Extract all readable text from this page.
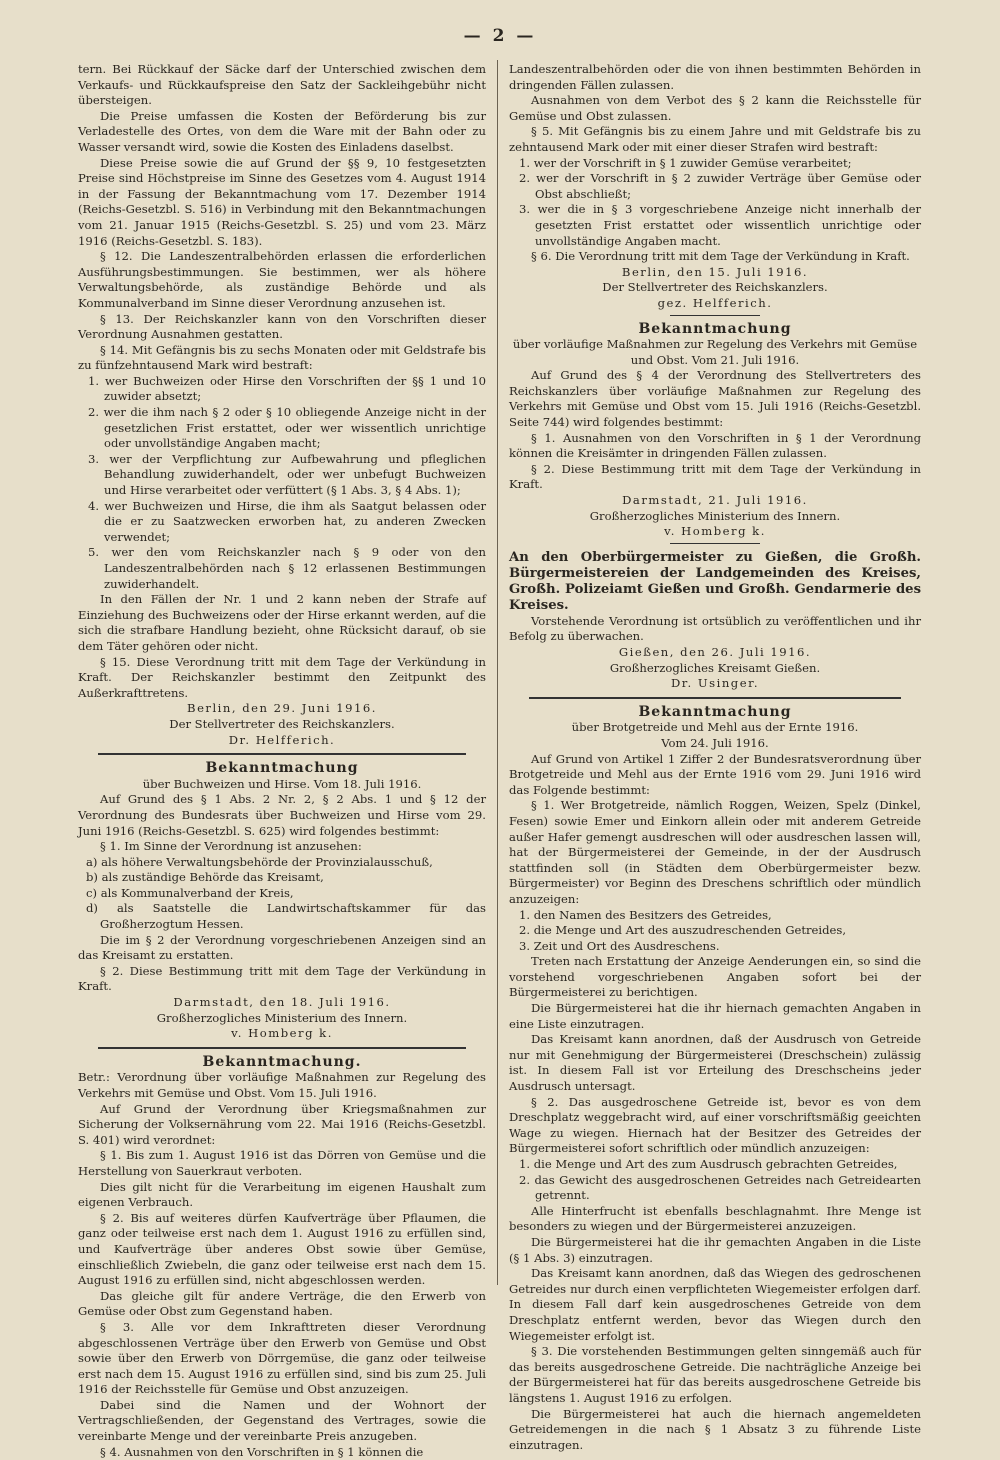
— 2 —

tern. Bei Rückkauf der Säcke darf der Unterschied zwischen dem Verkaufs- und Rückkaufspreise den Satz der Sackleihgebühr nicht übersteigen.

Die Preise umfassen die Kosten der Beförderung bis zur Verladestelle des Ortes, von dem die Ware mit der Bahn oder zu Wasser versandt wird, sowie die Kosten des Einladens daselbst.

Diese Preise sowie die auf Grund der §§ 9, 10 festgesetzten Preise sind Höchstpreise im Sinne des Gesetzes vom 4. August 1914 in der Fassung der Bekanntmachung vom 17. Dezember 1914 (Reichs-Gesetzbl. S. 516) in Verbindung mit den Bekanntmachungen vom 21. Januar 1915 (Reichs-Gesetzbl. S. 25) und vom 23. März 1916 (Reichs-Gesetzbl. S. 183).

§ 12. Die Landeszentralbehörden erlassen die erforderlichen Ausführungsbestimmungen. Sie bestimmen, wer als höhere Verwaltungsbehörde, als zuständige Behörde und als Kommunalverband im Sinne dieser Verordnung anzusehen ist.

§ 13. Der Reichskanzler kann von den Vorschriften dieser Verordnung Ausnahmen gestatten.

§ 14. Mit Gefängnis bis zu sechs Monaten oder mit Geldstrafe bis zu fünfzehntausend Mark wird bestraft:

1. wer Buchweizen oder Hirse den Vorschriften der §§ 1 und 10 zuwider absetzt;

2. wer die ihm nach § 2 oder § 10 obliegende Anzeige nicht in der gesetzlichen Frist erstattet, oder wer wissentlich unrichtige oder unvollständige Angaben macht;

3. wer der Verpflichtung zur Aufbewahrung und pfleglichen Behandlung zuwiderhandelt, oder wer unbefugt Buchweizen und Hirse verarbeitet oder verfüttert (§ 1 Abs. 3, § 4 Abs. 1);

4. wer Buchweizen und Hirse, die ihm als Saatgut belassen oder die er zu Saatzwecken erworben hat, zu anderen Zwecken verwendet;

5. wer den vom Reichskanzler nach § 9 oder von den Landeszentralbehörden nach § 12 erlassenen Bestimmungen zuwiderhandelt.

In den Fällen der Nr. 1 und 2 kann neben der Strafe auf Einziehung des Buchweizens oder der Hirse erkannt werden, auf die sich die strafbare Handlung bezieht, ohne Rücksicht darauf, ob sie dem Täter gehören oder nicht.

§ 15. Diese Verordnung tritt mit dem Tage der Verkündung in Kraft. Der Reichskanzler bestimmt den Zeitpunkt des Außerkrafttretens.

Berlin, den 29. Juni 1916.

Der Stellvertreter des Reichskanzlers.

Dr. Helfferich.

Bekanntmachung

über Buchweizen und Hirse. Vom 18. Juli 1916.

Auf Grund des § 1 Abs. 2 Nr. 2, § 2 Abs. 1 und § 12 der Verordnung des Bundesrats über Buchweizen und Hirse vom 29. Juni 1916 (Reichs-Gesetzbl. S. 625) wird folgendes bestimmt:

§ 1. Im Sinne der Verordnung ist anzusehen:

a) als höhere Verwaltungsbehörde der Provinzialausschuß,

b) als zuständige Behörde das Kreisamt,

c) als Kommunalverband der Kreis,

d) als Saatstelle die Landwirtschaftskammer für das Großherzogtum Hessen.

Die im § 2 der Verordnung vorgeschriebenen Anzeigen sind an das Kreisamt zu erstatten.

§ 2. Diese Bestimmung tritt mit dem Tage der Verkündung in Kraft.

Darmstadt, den 18. Juli 1916.

Großherzogliches Ministerium des Innern.

v. Homberg k.

Bekanntmachung.

Betr.: Verordnung über vorläufige Maßnahmen zur Regelung des Verkehrs mit Gemüse und Obst. Vom 15. Juli 1916.

Auf Grund der Verordnung über Kriegsmaßnahmen zur Sicherung der Volksernährung vom 22. Mai 1916 (Reichs-Gesetzbl. S. 401) wird verordnet:

§ 1. Bis zum 1. August 1916 ist das Dörren von Gemüse und die Herstellung von Sauerkraut verboten.

Dies gilt nicht für die Verarbeitung im eigenen Haushalt zum eigenen Verbrauch.

§ 2. Bis auf weiteres dürfen Kaufverträge über Pflaumen, die ganz oder teilweise erst nach dem 1. August 1916 zu erfüllen sind, und Kaufverträge über anderes Obst sowie über Gemüse, einschließlich Zwiebeln, die ganz oder teilweise erst nach dem 15. August 1916 zu erfüllen sind, nicht abgeschlossen werden.

Das gleiche gilt für andere Verträge, die den Erwerb von Gemüse oder Obst zum Gegenstand haben.

§ 3. Alle vor dem Inkrafttreten dieser Verordnung abgeschlossenen Verträge über den Erwerb von Gemüse und Obst sowie über den Erwerb von Dörrgemüse, die ganz oder teilweise erst nach dem 15. August 1916 zu erfüllen sind, sind bis zum 25. Juli 1916 der Reichsstelle für Gemüse und Obst anzuzeigen.

Dabei sind die Namen und der Wohnort der Vertragschließenden, der Gegenstand des Vertrages, sowie die vereinbarte Menge und der vereinbarte Preis anzugeben.

§ 4. Ausnahmen von den Vorschriften in § 1 können die

Landeszentralbehörden oder die von ihnen bestimmten Behörden in dringenden Fällen zulassen.

Ausnahmen von dem Verbot des § 2 kann die Reichsstelle für Gemüse und Obst zulassen.

§ 5. Mit Gefängnis bis zu einem Jahre und mit Geldstrafe bis zu zehntausend Mark oder mit einer dieser Strafen wird bestraft:

1. wer der Vorschrift in § 1 zuwider Gemüse verarbeitet;

2. wer der Vorschrift in § 2 zuwider Verträge über Gemüse oder Obst abschließt;

3. wer die in § 3 vorgeschriebene Anzeige nicht innerhalb der gesetzten Frist erstattet oder wissentlich unrichtige oder unvollständige Angaben macht.

§ 6. Die Verordnung tritt mit dem Tage der Verkündung in Kraft.

Berlin, den 15. Juli 1916.

Der Stellvertreter des Reichskanzlers.

gez. Helfferich.

Bekanntmachung

über vorläufige Maßnahmen zur Regelung des Verkehrs mit Gemüse und Obst. Vom 21. Juli 1916.

Auf Grund des § 4 der Verordnung des Stellvertreters des Reichskanzlers über vorläufige Maßnahmen zur Regelung des Verkehrs mit Gemüse und Obst vom 15. Juli 1916 (Reichs-Gesetzbl. Seite 744) wird folgendes bestimmt:

§ 1. Ausnahmen von den Vorschriften in § 1 der Verordnung können die Kreisämter in dringenden Fällen zulassen.

§ 2. Diese Bestimmung tritt mit dem Tage der Verkündung in Kraft.

Darmstadt, 21. Juli 1916.

Großherzogliches Ministerium des Innern.

v. Homberg k.

An den Oberbürgermeister zu Gießen, die Großh. Bürgermeistereien der Landgemeinden des Kreises, Großh. Polizeiamt Gießen und Großh. Gendarmerie des Kreises.

Vorstehende Verordnung ist ortsüblich zu veröffentlichen und ihr Befolg zu überwachen.

Gießen, den 26. Juli 1916.

Großherzogliches Kreisamt Gießen.

Dr. Usinger.

Bekanntmachung

über Brotgetreide und Mehl aus der Ernte 1916.

Vom 24. Juli 1916.

Auf Grund von Artikel 1 Ziffer 2 der Bundesratsverordnung über Brotgetreide und Mehl aus der Ernte 1916 vom 29. Juni 1916 wird das Folgende bestimmt:

§ 1. Wer Brotgetreide, nämlich Roggen, Weizen, Spelz (Dinkel, Fesen) sowie Emer und Einkorn allein oder mit anderem Getreide außer Hafer gemengt ausdreschen will oder ausdreschen lassen will, hat der Bürgermeisterei der Gemeinde, in der der Ausdrusch stattfinden soll (in Städten dem Oberbürgermeister bezw. Bürgermeister) vor Beginn des Dreschens schriftlich oder mündlich anzuzeigen:

1. den Namen des Besitzers des Getreides,

2. die Menge und Art des auszudreschenden Getreides,

3. Zeit und Ort des Ausdreschens.

Treten nach Erstattung der Anzeige Aenderungen ein, so sind die vorstehend vorgeschriebenen Angaben sofort bei der Bürgermeisterei zu berichtigen.

Die Bürgermeisterei hat die ihr hiernach gemachten Angaben in eine Liste einzutragen.

Das Kreisamt kann anordnen, daß der Ausdrusch von Getreide nur mit Genehmigung der Bürgermeisterei (Dreschschein) zulässig ist. In diesem Fall ist vor Erteilung des Dreschscheins jeder Ausdrusch untersagt.

§ 2. Das ausgedroschene Getreide ist, bevor es von dem Dreschplatz weggebracht wird, auf einer vorschriftsmäßig geeichten Wage zu wiegen. Hiernach hat der Besitzer des Getreides der Bürgermeisterei sofort schriftlich oder mündlich anzuzeigen:

1. die Menge und Art des zum Ausdrusch gebrachten Getreides,

2. das Gewicht des ausgedroschenen Getreides nach Getreidearten getrennt.

Alle Hinterfrucht ist ebenfalls beschlagnahmt. Ihre Menge ist besonders zu wiegen und der Bürgermeisterei anzuzeigen.

Die Bürgermeisterei hat die ihr gemachten Angaben in die Liste (§ 1 Abs. 3) einzutragen.

Das Kreisamt kann anordnen, daß das Wiegen des gedroschenen Getreides nur durch einen verpflichteten Wiegemeister erfolgen darf. In diesem Fall darf kein ausgedroschenes Getreide von dem Dreschplatz entfernt werden, bevor das Wiegen durch den Wiegemeister erfolgt ist.

§ 3. Die vorstehenden Bestimmungen gelten sinngemäß auch für das bereits ausgedroschene Getreide. Die nachträgliche Anzeige bei der Bürgermeisterei hat für das bereits ausgedroschene Getreide bis längstens 1. August 1916 zu erfolgen.

Die Bürgermeisterei hat auch die hiernach angemeldeten Getreidemengen in die nach § 1 Absatz 3 zu führende Liste einzutragen.
